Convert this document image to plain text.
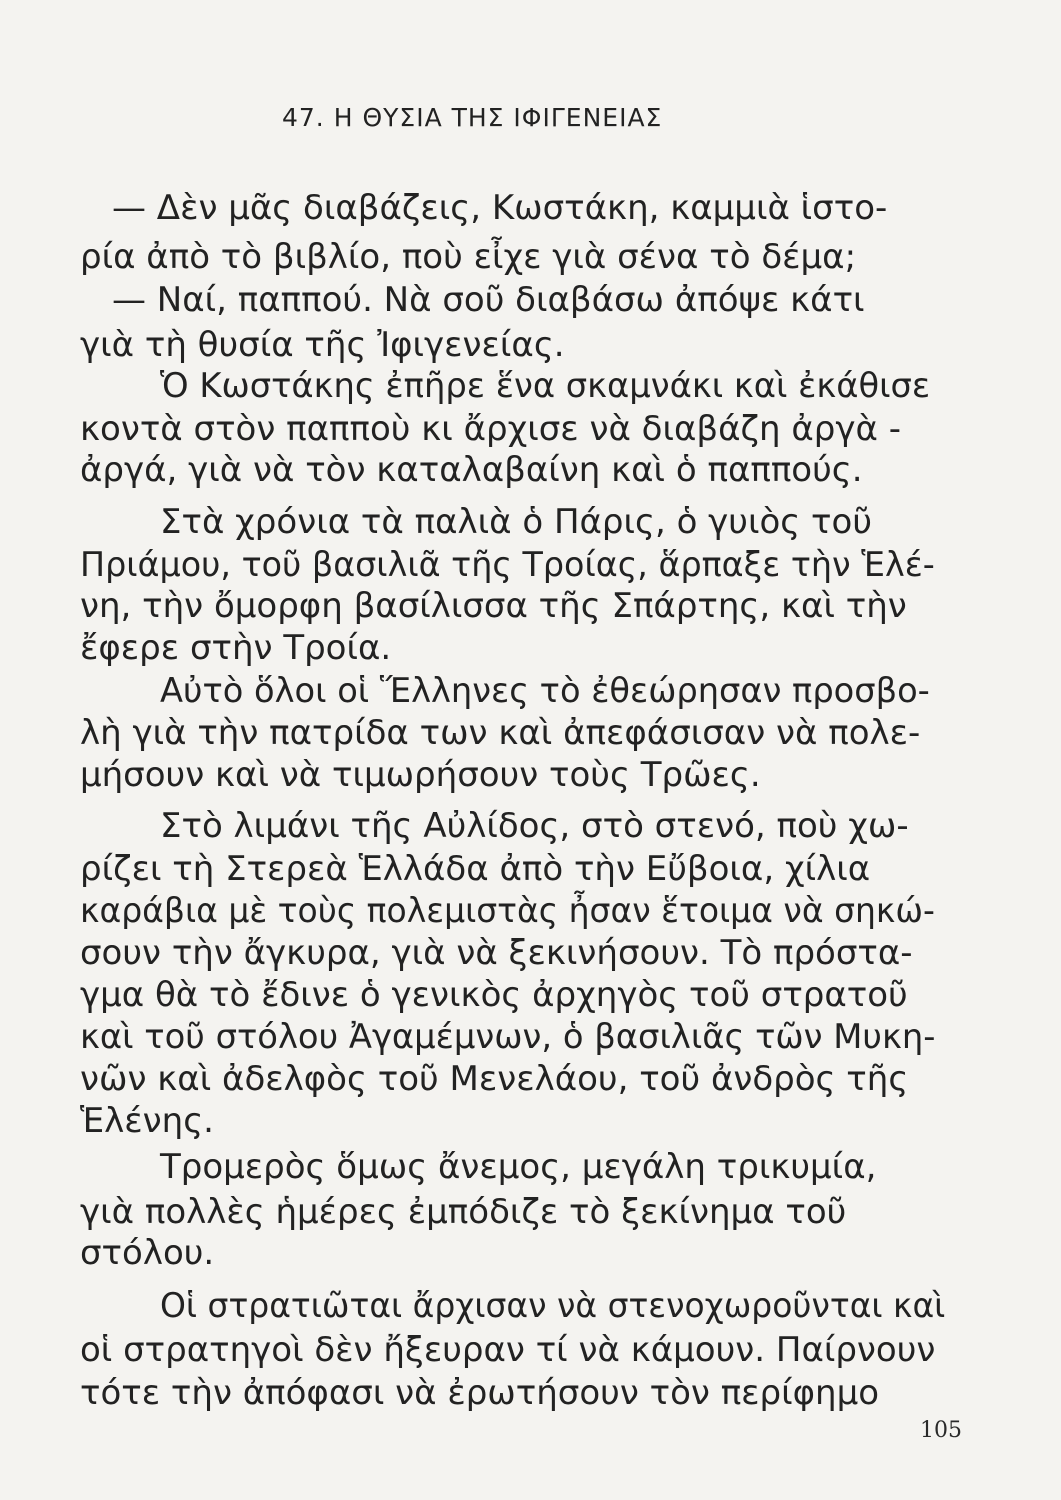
47. Η ΘΥΣΙΑ ΤΗΣ ΙΦΙΓΕΝΕΙΑΣ
— Δὲν μᾶς διαβάζεις, Κωστάκη, καμμιὰ ἱστο-
ρία ἀπὸ τὸ βιβλίο, ποὺ εἶχε γιὰ σένα τὸ δέμα;
— Ναί, παππού. Νὰ σοῦ διαβάσω ἀπόψε κάτι
γιὰ τὴ θυσία τῆς Ἰφιγενείας.
Ὁ Κωστάκης ἐπῆρε ἕνα σκαμνάκι καὶ ἐκάθισε
κοντὰ στὸν παπποὺ κι ἄρχισε νὰ διαβάζη ἀργὰ -
ἀργά, γιὰ νὰ τὸν καταλαβαίνη καὶ ὁ παππούς.
Στὰ χρόνια τὰ παλιὰ ὁ Πάρις, ὁ γυιὸς τοῦ
Πριάμου, τοῦ βασιλιᾶ τῆς Τροίας, ἅρπαξε τὴν Ἑλέ-
νη, τὴν ὄμορφη βασίλισσα τῆς Σπάρτης, καὶ τὴν
ἔφερε στὴν Τροία.
Αὐτὸ ὅλοι οἱ Ἕλληνες τὸ ἐθεώρησαν προσβο-
λὴ γιὰ τὴν πατρίδα των καὶ ἀπεφάσισαν νὰ πολε-
μήσουν καὶ νὰ τιμωρήσουν τοὺς Τρῶες.
Στὸ λιμάνι τῆς Αὐλίδος, στὸ στενό, ποὺ χω-
ρίζει τὴ Στερεὰ Ἑλλάδα ἀπὸ τὴν Εὔβοια, χίλια
καράβια μὲ τοὺς πολεμιστὰς ἦσαν ἕτοιμα νὰ σηκώ-
σουν τὴν ἄγκυρα, γιὰ νὰ ξεκινήσουν. Τὸ πρόστα-
γμα θὰ τὸ ἔδινε ὁ γενικὸς ἀρχηγὸς τοῦ στρατοῦ
καὶ τοῦ στόλου Ἀγαμέμνων, ὁ βασιλιᾶς τῶν Μυκη-
νῶν καὶ ἀδελφὸς τοῦ Μενελάου, τοῦ ἀνδρὸς τῆς
Ἑλένης.
Τρομερὸς ὅμως ἄνεμος, μεγάλη τρικυμία,
γιὰ πολλὲς ἡμέρες ἐμπόδιζε τὸ ξεκίνημα τοῦ
στόλου.
Οἱ στρατιῶται ἄρχισαν νὰ στενοχωροῦνται καὶ
οἱ στρατηγοὶ δὲν ἤξευραν τί νὰ κάμουν. Παίρνουν
τότε τὴν ἀπόφασι νὰ ἐρωτήσουν τὸν περίφημο
105
